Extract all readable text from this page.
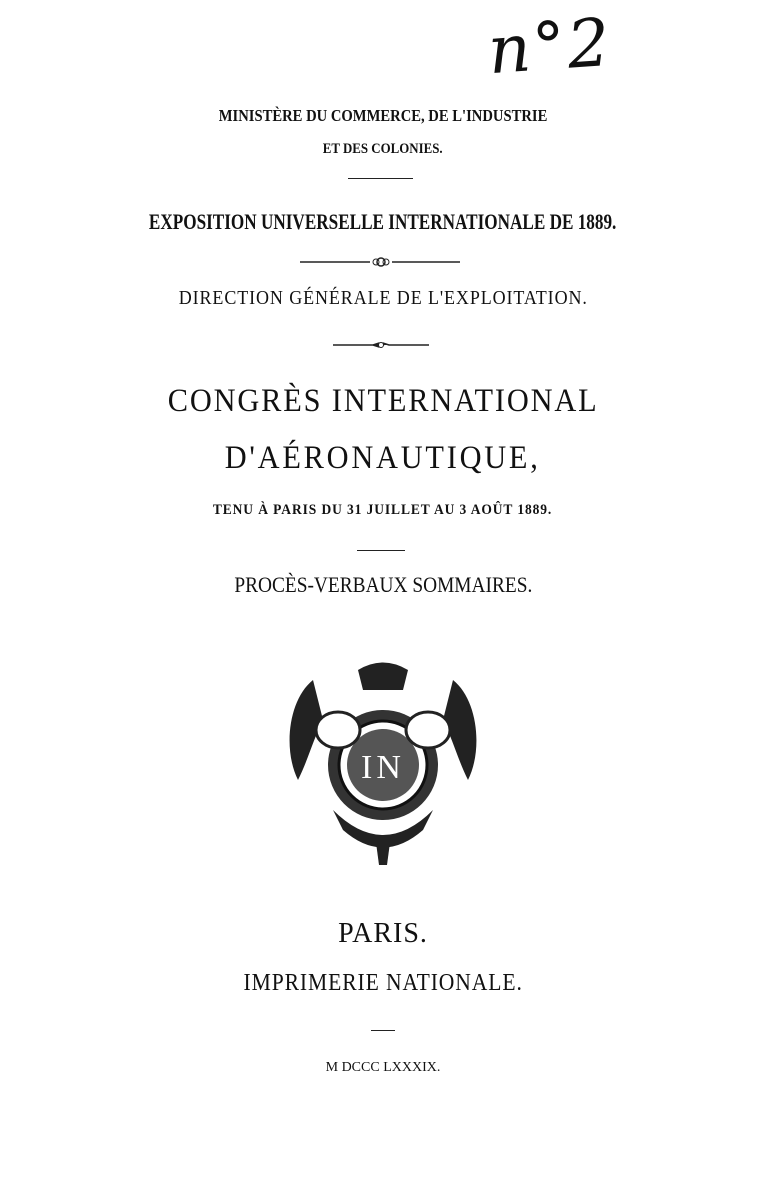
n°2
MINISTÈRE DU COMMERCE, DE L'INDUSTRIE
ET DES COLONIES.
EXPOSITION UNIVERSELLE INTERNATIONALE DE 1889.
DIRECTION GÉNÉRALE DE L'EXPLOITATION.
CONGRÈS INTERNATIONAL
D'AÉRONAUTIQUE,
TENU À PARIS DU 31 JUILLET AU 3 AOÛT 1889.
PROCÈS-VERBAUX SOMMAIRES.
IN
PARIS.
IMPRIMERIE NATIONALE.
M DCCC LXXXIX.
